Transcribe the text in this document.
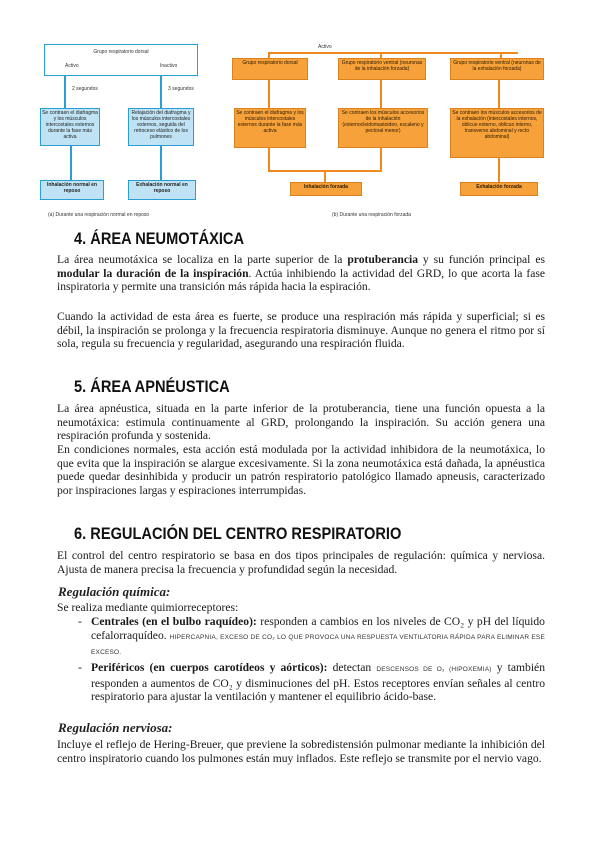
Grupo respiratorio dorsal
Activo	Inactivo
2 segundos	3 segundos
Se contraen el diafragma y los músculos intercostales externos durante la fase más activa
Relajación del diafragma y los músculos intercostales externos, seguida del retroceso elástico de los pulmones
Inhalación normal en reposo
Exhalación normal en reposo
(a) Durante una respiración normal en reposo
Activo
Grupo respiratorio dorsal	Grupo respiratorio ventral (neuronas de la inhalación forzada)
Grupo respiratorio ventral (neuronas de la exhalación forzada)
Se contraen el diafragma y los músculos intercostales externos durante la fase más activa
Se contraen los músculos accesorios de la inhalación (esternocleidomastoideo, escaleno y pectoral menor)
Se contraen los músculos accesorios de la exhalación (intercostales internos, oblicuo externo, oblicuo interno, transverso abdominal y recto abdominal)
Inhalación forzada	Exhalación forzada
(b) Durante una respiración forzada
4. ÁREA NEUMOTÁXICA

La área neumotáxica se localiza en la parte superior de la protuberancia y su función principal es modular la duración de la inspiración. Actúa inhibiendo la actividad del GRD, lo que acorta la fase inspiratoria y permite una transición más rápida hacia la espiración.

Cuando la actividad de esta área es fuerte, se produce una respiración más rápida y superficial; si es débil, la inspiración se prolonga y la frecuencia respiratoria disminuye. Aunque no genera el ritmo por sí sola, regula su frecuencia y regularidad, asegurando una respiración fluida.

5. ÁREA APNÉUSTICA

La área apnéustica, situada en la parte inferior de la protuberancia, tiene una función opuesta a la neumotáxica: estimula continuamente al GRD, prolongando la inspiración. Su acción genera una respiración profunda y sostenida.

En condiciones normales, esta acción está modulada por la actividad inhibidora de la neumotáxica, lo que evita que la inspiración se alargue excesivamente. Si la zona neumotáxica está dañada, la apnéustica puede quedar desinhibida y producir un patrón respiratorio patológico llamado apneusis, caracterizado por inspiraciones largas y espiraciones interrumpidas.

6. REGULACIÓN DEL CENTRO RESPIRATORIO

El control del centro respiratorio se basa en dos tipos principales de regulación: química y nerviosa. Ajusta de manera precisa la frecuencia y profundidad según la necesidad.

Regulación química:

Se realiza mediante quimiorreceptores:

- Centrales (en el bulbo raquídeo): responden a cambios en los niveles de CO₂ y pH del líquido cefalorraquídeo. HIPERCAPNIA, EXCESO DE CO₂ LO QUE PROVOCA UNA RESPUESTA VENTILATORIA RÁPIDA PARA ELIMINAR ESE EXCESO.

- Periféricos (en cuerpos carotídeos y aórticos): detectan DESCENSOS DE O₂ (HIPOXEMIA) y también responden a aumentos de CO₂ y disminuciones del pH. Estos receptores envían señales al centro respiratorio para ajustar la ventilación y mantener el equilibrio ácido-base.

Regulación nerviosa:

Incluye el reflejo de Hering-Breuer, que previene la sobredistensión pulmonar mediante la inhibición del centro inspiratorio cuando los pulmones están muy inflados. Este reflejo se transmite por el nervio vago.
